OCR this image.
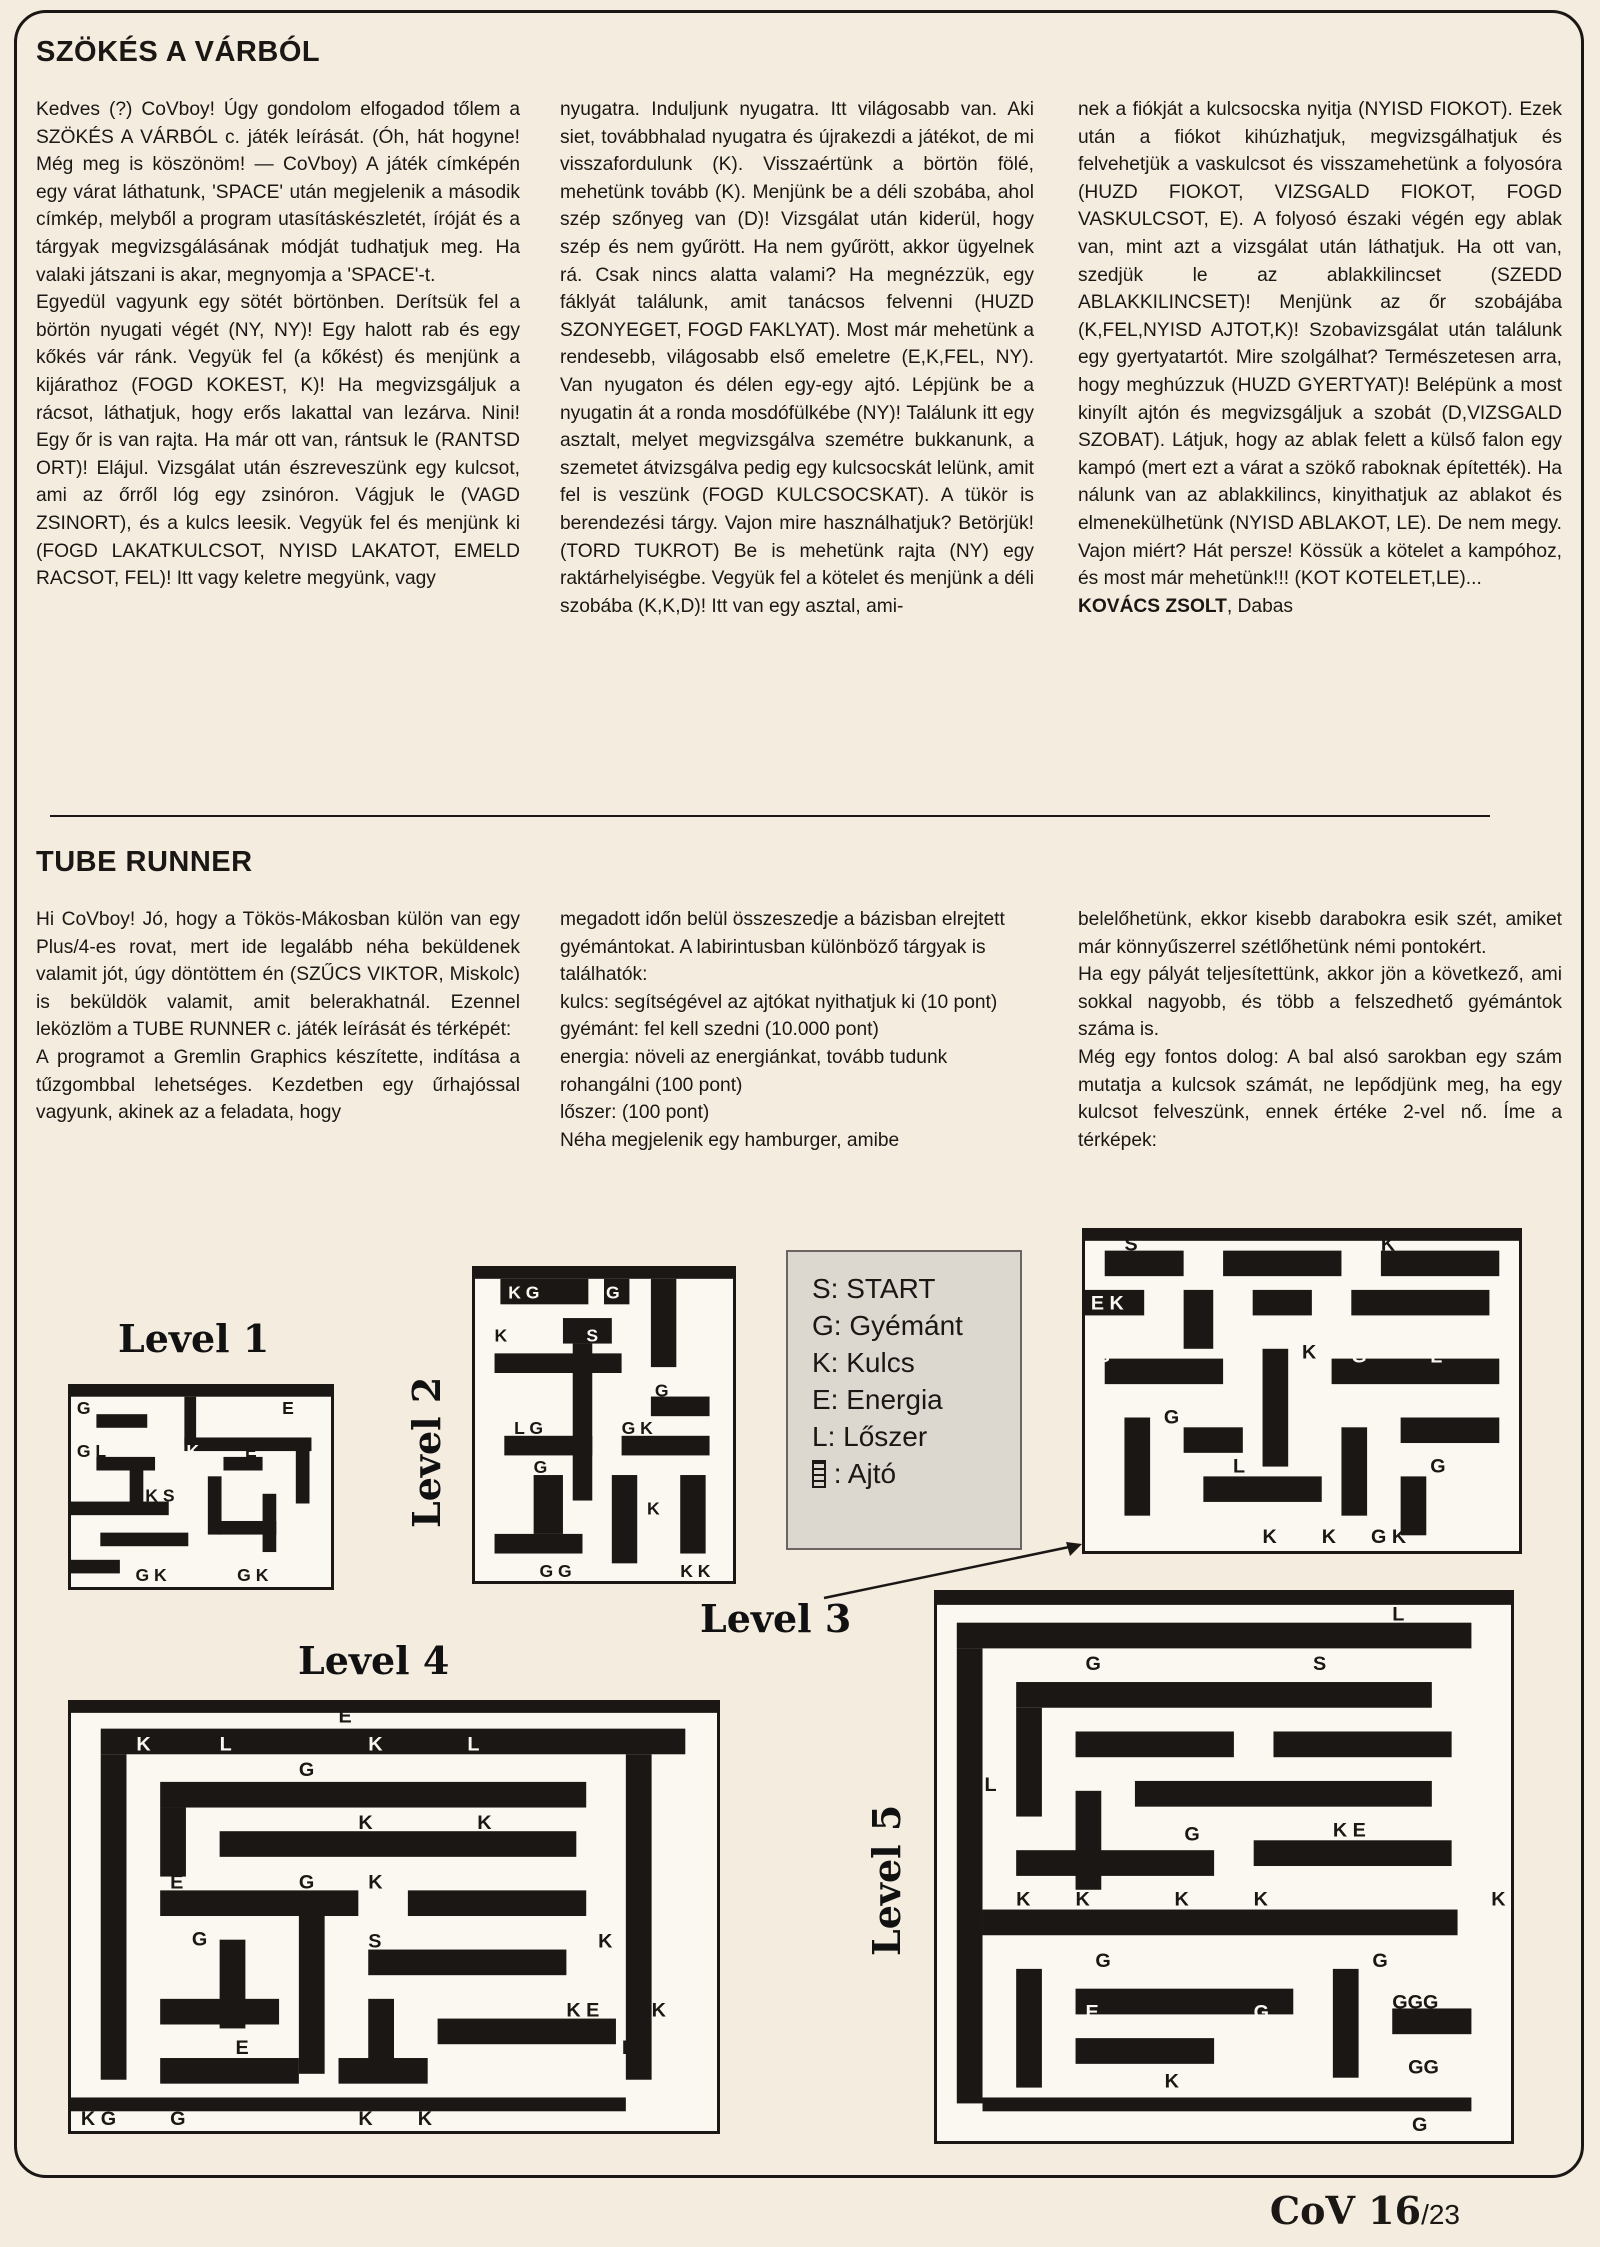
SZÖKÉS A VÁRBÓL

Kedves (?) CoVboy! Úgy gondolom elfogadod tőlem a SZÖKÉS A VÁRBÓL c. játék leírását. (Óh, hát hogyne! Még meg is köszönöm! — CoVboy) A játék címképén egy várat láthatunk, 'SPACE' után megjelenik a második címkép, melyből a program utasításkészletét, íróját és a tárgyak megvizsgálásának módját tudhatjuk meg. Ha valaki játszani is akar, megnyomja a 'SPACE'-t.

Egyedül vagyunk egy sötét börtönben. Derítsük fel a börtön nyugati végét (NY, NY)! Egy halott rab és egy kőkés vár ránk. Vegyük fel (a kőkést) és menjünk a kijárathoz (FOGD KOKEST, K)! Ha megvizsgáljuk a rácsot, láthatjuk, hogy erős lakattal van lezárva. Nini! Egy őr is van rajta. Ha már ott van, rántsuk le (RANTSD ORT)! Elájul. Vizsgálat után észreveszünk egy kulcsot, ami az őrről lóg egy zsinóron. Vágjuk le (VAGD ZSINORT), és a kulcs leesik. Vegyük fel és menjünk ki (FOGD LAKATKULCSOT, NYISD LAKATOT, EMELD RACSOT, FEL)! Itt vagy keletre megyünk, vagy

nyugatra. Induljunk nyugatra. Itt világosabb van. Aki siet, továbbhalad nyugatra és újrakezdi a játékot, de mi visszafordulunk (K). Visszaértünk a börtön fölé, mehetünk tovább (K). Menjünk be a déli szobába, ahol szép szőnyeg van (D)! Vizsgálat után kiderül, hogy szép és nem gyűrött. Ha nem gyűrött, akkor ügyelnek rá. Csak nincs alatta valami? Ha megnézzük, egy fáklyát találunk, amit tanácsos felvenni (HUZD SZONYEGET, FOGD FAKLYAT). Most már mehetünk a rendesebb, világosabb első emeletre (E,K,FEL, NY). Van nyugaton és délen egy-egy ajtó. Lépjünk be a nyugatin át a ronda mosdófülkébe (NY)! Találunk itt egy asztalt, melyet megvizsgálva szemétre bukkanunk, a szemetet átvizsgálva pedig egy kulcsocskát lelünk, amit fel is veszünk (FOGD KULCSOCSKAT). A tükör is berendezési tárgy. Vajon mire használhatjuk? Betörjük! (TORD TUKROT) Be is mehetünk rajta (NY) egy raktárhelyiségbe. Vegyük fel a kötelet és menjünk a déli szobába (K,K,D)! Itt van egy asztal, ami-

nek a fiókját a kulcsocska nyitja (NYISD FIOKOT). Ezek után a fiókot kihúzhatjuk, megvizsgálhatjuk és felvehetjük a vaskulcsot és visszamehetünk a folyosóra (HUZD FIOKOT, VIZSGALD FIOKOT, FOGD VASKULCSOT, E). A folyosó északi végén egy ablak van, mint azt a vizsgálat után láthatjuk. Ha ott van, szedjük le az ablakkilincset (SZEDD ABLAKKILINCSET)! Menjünk az őr szobájába (K,FEL,NYISD AJTOT,K)! Szobavizsgálat után találunk egy gyertyatartót. Mire szolgálhat? Természetesen arra, hogy meghúzzuk (HUZD GYERTYAT)! Belépünk a most kinyílt ajtón és megvizsgáljuk a szobát (D,VIZSGALD SZOBAT). Látjuk, hogy az ablak felett a külső falon egy kampó (mert ezt a várat a szökő raboknak építették). Ha nálunk van az ablakkilincs, kinyithatjuk az ablakot és elmenekülhetünk (NYISD ABLAKOT, LE). De nem megy. Vajon miért? Hát persze! Kössük a kötelet a kampóhoz, és most már mehetünk!!! (KOT KOTELET,LE)...
KOVÁCS ZSOLT, Dabas

TUBE RUNNER

Hi CoVboy! Jó, hogy a Tökös-Mákosban külön van egy Plus/4-es rovat, mert ide legalább néha beküldenek valamit jót, úgy döntöttem én (SZŰCS VIKTOR, Miskolc) is beküldök valamit, amit belerakhatnál. Ezennel leközlöm a TUBE RUNNER c. játék leírását és térképét:

A programot a Gremlin Graphics készítette, indítása a tűzgombbal lehetséges. Kezdetben egy űrhajóssal vagyunk, akinek az a feladata, hogy

megadott időn belül összeszedje a bázisban elrejtett gyémántokat. A labirintusban különböző tárgyak is találhatók:

kulcs: segítségével az ajtókat nyithatjuk ki (10 pont)

gyémánt: fel kell szedni (10.000 pont)

energia: növeli az energiánkat, tovább tudunk rohangálni (100 pont)

lőszer: (100 pont)

Néha megjelenik egy hamburger, amibe

belelőhetünk, ekkor kisebb darabokra esik szét, amiket már könnyűszerrel szétlőhetünk némi pontokért.

Ha egy pályát teljesítettünk, akkor jön a következő, ami sokkal nagyobb, és több a felszedhető gyémántok száma is.

Még egy fontos dolog: A bal alsó sarokban egy szám mutatja a kulcsok számát, ne lepődjünk meg, ha egy kulcsot felveszünk, ennek értéke 2-vel nő. Íme a térképek:

Level 1

Level 2

Level 3

Level 4

Level 5

G	E
G L	K	E
K S
G K	G K
K G	G E
K	S
G
L G	G K
G
K
G G	K K
S: START
G: Gyémánt
K: Kulcs
E: Energia
L: Lőszer
: Ajtó
S	K
E K	E
G	K G	L
G
L	G
K K G K
E
K	L	K	L	K
G
K	K
E	G	K
G	S	K
K E	K
E	K
K G	G	K K
L
G	S
L
G	K E
K K	K	K	K
G	G
E	G	GGG
K
GG
G

CoV 16/23
